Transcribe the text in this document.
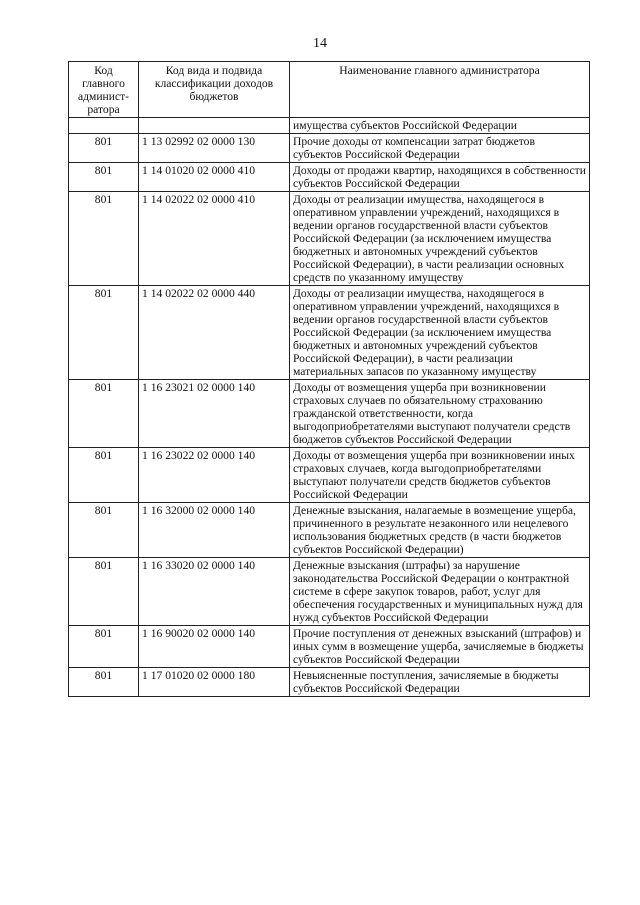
14
Код главного админист-ратора	Код вида и подвида классификации доходов бюджетов	Наименование главного администратора
		имущества субъектов Российской Федерации
801	1 13 02992 02 0000 130	Прочие доходы от компенсации затрат бюджетов субъектов Российской Федерации
801	1 14 01020 02 0000 410	Доходы от продажи квартир, находящихся в собственности субъектов Российской Федерации
801	1 14 02022 02 0000 410	Доходы от реализации имущества, находящегося в оперативном управлении учреждений, находящихся в ведении органов государственной власти субъектов Российской Федерации (за исключением имущества бюджетных и автономных учреждений субъектов Российской Федерации), в части реализации основных средств по указанному имуществу
801	1 14 02022 02 0000 440	Доходы от реализации имущества, находящегося в оперативном управлении учреждений, находящихся в ведении органов государственной власти субъектов Российской Федерации (за исключением имущества бюджетных и автономных учреждений субъектов Российской Федерации), в части реализации материальных запасов по указанному имуществу
801	1 16 23021 02 0000 140	Доходы от возмещения ущерба при возникновении страховых случаев по обязательному страхованию гражданской ответственности, когда выгодоприобретателями выступают получатели средств бюджетов субъектов Российской Федерации
801	1 16 23022 02 0000 140	Доходы от возмещения ущерба при возникновении иных страховых случаев, когда выгодоприобретателями выступают получатели средств бюджетов субъектов Российской Федерации
801	1 16 32000 02 0000 140	Денежные взыскания, налагаемые в возмещение ущерба, причиненного в результате незаконного или нецелевого использования бюджетных средств (в части бюджетов субъектов Российской Федерации)
801	1 16 33020 02 0000 140	Денежные взыскания (штрафы) за нарушение законодательства Российской Федерации о контрактной системе в сфере закупок товаров, работ, услуг для обеспечения государственных и муниципальных нужд для нужд субъектов Российской Федерации
801	1 16 90020 02 0000 140	Прочие поступления от денежных взысканий (штрафов) и иных сумм в возмещение ущерба, зачисляемые в бюджеты субъектов Российской Федерации
801	1 17 01020 02 0000 180	Невыясненные поступления, зачисляемые в бюджеты субъектов Российской Федерации
